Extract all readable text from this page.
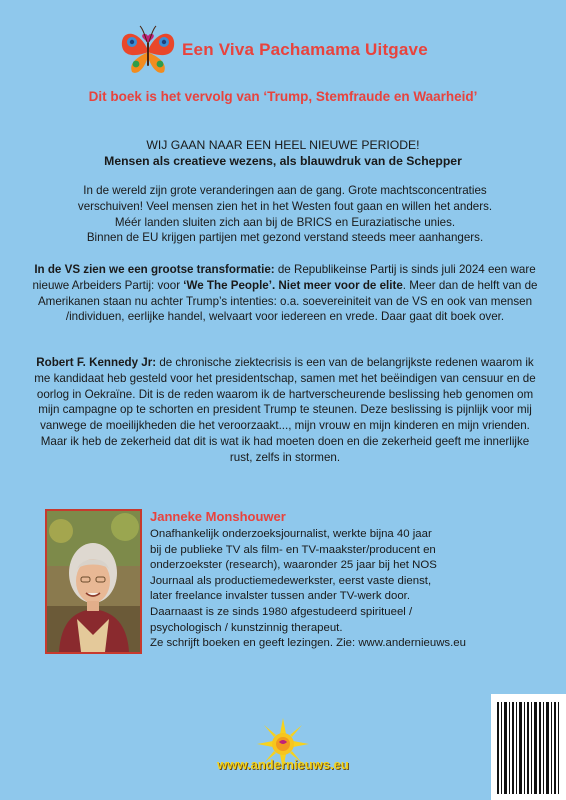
Een Viva Pachamama Uitgave
Dit boek is het vervolg van ‘Trump, Stemfraude en Waarheid’
WIJ GAAN NAAR EEN HEEL NIEUWE PERIODE!
Mensen als creatieve wezens, als blauwdruk van de Schepper
In de wereld zijn grote veranderingen aan de gang. Grote machtsconcentraties
verschuiven! Veel mensen zien het in het Westen fout gaan en willen het anders.
Méér landen sluiten zich aan bij de BRICS en Euraziatische unies.
Binnen de EU krijgen partijen met gezond verstand steeds meer aanhangers.
In de VS zien we een grootse transformatie: de Republikeinse Partij is sinds juli 2024 een ware nieuwe Arbeiders Partij: voor ‘We The People’. Niet meer voor de elite. Meer dan de helft van de Amerikanen staan nu achter Trump’s intenties: o.a. soevereiniteit van de VS en ook van mensen /individuen, eerlijke handel, welvaart voor iedereen en vrede. Daar gaat dit boek over.
Robert F. Kennedy Jr: de chronische ziektecrisis is een van de belangrijkste redenen waarom ik me kandidaat heb gesteld voor het presidentschap, samen met het beëindigen van censuur en de oorlog in Oekraïne. Dit is de reden waarom ik de hartverscheurende beslissing heb genomen om mijn campagne op te schorten en president Trump te steunen. Deze beslissing is pijnlijk voor mij vanwege de moeilijkheden die het veroorzaakt..., mijn vrouw en mijn kinderen en mijn vrienden. Maar ik heb de zekerheid dat dit is wat ik had moeten doen en die zekerheid geeft me innerlijke rust, zelfs in stormen.
Janneke Monshouwer
Onafhankelijk onderzoeksjournalist, werkte bijna 40 jaar
bij de publieke TV als film- en TV-maakster/producent en
onderzoekster (research), waaronder 25 jaar bij het NOS
Journaal als productiemedewerkster, eerst vaste dienst,
later freelance invalster tussen ander TV-werk door.
Daarnaast is ze sinds 1980 afgestudeerd spiritueel /
psychologisch / kunstzinnig therapeut.
Ze schrijft boeken en geeft lezingen. Zie: www.andernieuws.eu
www.andernieuws.eu
